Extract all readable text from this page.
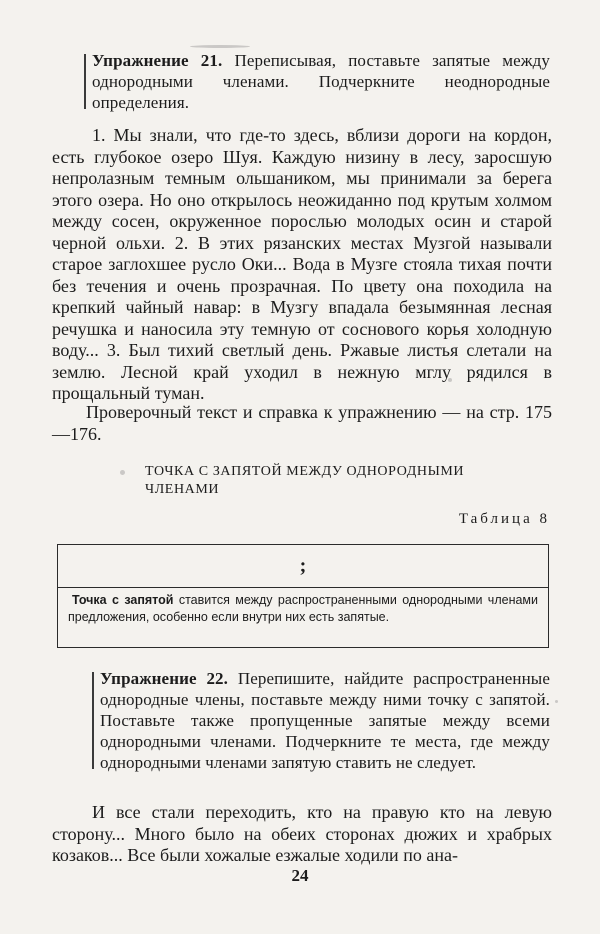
Упражнение 21. Переписывая, поставьте запятые между однородными членами. Подчеркните неоднородные определения.

1. Мы знали, что где-то здесь, вблизи дороги на кордон, есть глубокое озеро Шуя. Каждую низину в лесу, заросшую непролазным темным ольшаником, мы принимали за берега этого озера. Но оно открылось неожиданно под крутым холмом между сосен, окруженное порослью молодых осин и старой черной ольхи. 2. В этих рязанских местах Музгой называли старое заглохшее русло Оки... Вода в Музге стояла тихая почти без течения и очень прозрачная. По цвету она походила на крепкий чайный навар: в Музгу впадала безымянная лесная речушка и наносила эту темную от соснового корья холодную воду... 3. Был тихий светлый день. Ржавые листья слетали на землю. Лесной край уходил в нежную мглу рядился в прощальный туман.

Проверочный текст и справка к упражнению — на стр. 175—176.
ТОЧКА С ЗАПЯТОЙ МЕЖДУ ОДНОРОДНЫМИ ЧЛЕНАМИ
Таблица 8
;
Точка с запятой ставится между распространенными однородными членами предложения, особенно если внутри них есть запятые.
Упражнение 22. Перепишите, найдите распространенные однородные члены, поставьте между ними точку с запятой. Поставьте также пропущенные запятые между всеми однородными членами. Подчеркните те места, где между однородными членами запятую ставить не следует.

И все стали переходить, кто на правую кто на левую сторону... Много было на обеих сторонах дюжих и храбрых козаков... Все были хожалые езжалые ходили по ана-

24
